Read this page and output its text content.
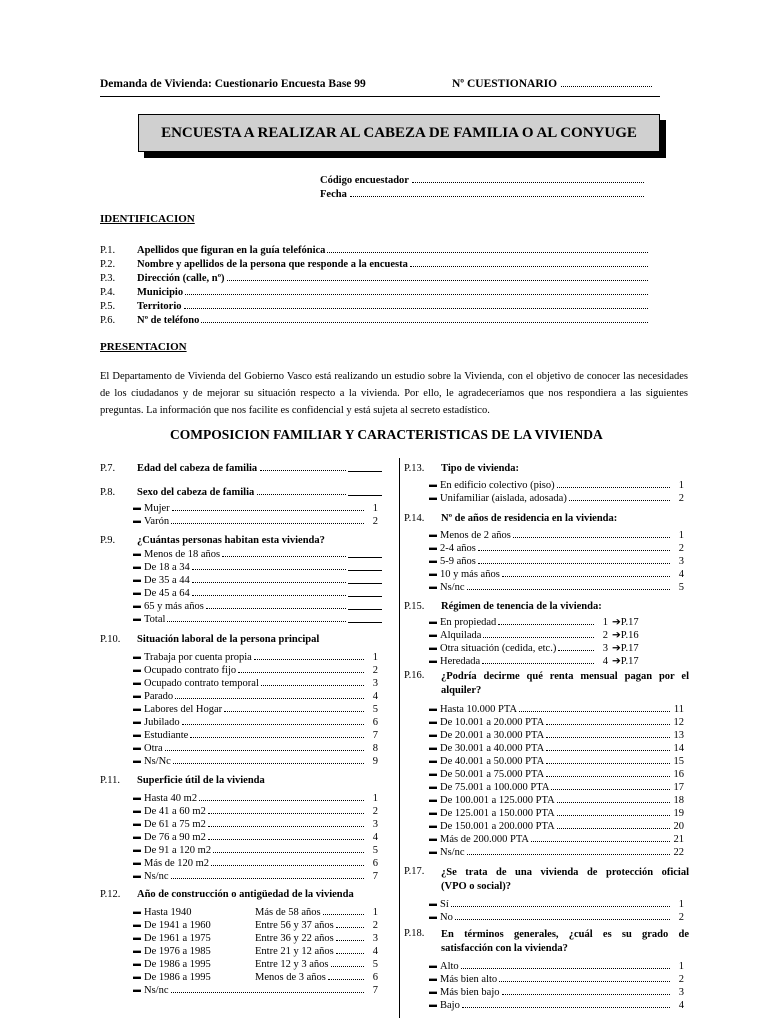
Demanda de Vivienda: Cuestionario Encuesta Base 99	Nº CUESTIONARIO
ENCUESTA A REALIZAR AL CABEZA DE FAMILIA O AL CONYUGE
Código encuestador
Fecha
IDENTIFICACION
PRESENTACION
El Departamento de Vivienda del Gobierno Vasco está realizando un estudio sobre la Vivienda, con el objetivo de conocer las necesidades de los ciudadanos y de mejorar su situación respecto a la vivienda. Por ello, le agradeceríamos que nos respondiera a las siguientes preguntas. La información que nos facilite es confidencial y está sujeta al secreto estadístico.
COMPOSICION FAMILIAR Y CARACTERISTICAS DE LA VIVIENDA
P.1.	Apellidos que figuran en la guía telefónica
P.2.	Nombre y apellidos de la persona que responde a la encuesta
P.3.	Dirección (calle, nº)
P.4.	Municipio
P.5.	Territorio
P.6.	Nº de teléfono
P.7.	Edad del cabeza de familia
P.8.	Sexo del cabeza de familia
▬ Mujer	1
▬ Varón	2
P.9.	¿Cuántas personas habitan esta vivienda?
▬ Menos de 18 años
▬ De 18 a 34
▬ De 35 a 44
▬ De 45 a 64
▬ 65 y más años
▬ Total
P.10.	Situación laboral de la persona principal
▬ Trabaja por cuenta propia	1
▬ Ocupado contrato fijo	2
▬ Ocupado contrato temporal	3
▬ Parado	4
▬ Labores del Hogar	5
▬ Jubilado	6
▬ Estudiante	7
▬ Otra	8
▬ Ns/Nc	9
P.11.	Superficie útil de la vivienda
▬ Hasta 40 m2	1
▬ De 41 a 60 m2	2
▬ De 61 a 75 m2	3
▬ De 76 a 90 m2	4
▬ De 91 a 120 m2	5
▬ Más de 120 m2	6
▬ Ns/nc	7
P.12.	Año de construcción o antigüedad de la vivienda
▬ Hasta 1940	Más de 58 años	1
▬ De 1941 a 1960	Entre 56 y 37 años	2
▬ De 1961 a 1975	Entre 36 y 22 años	3
▬ De 1976 a 1985	Entre 21 y 12 años	4
▬ De 1986 a 1995	Entre 12 y 3 años	5
▬ De 1986 a 1995	Menos de 3 años	6
▬ Ns/nc	7
P.13.	Tipo de vivienda:
▬ En edificio colectivo (piso)	1
▬ Unifamiliar (aislada, adosada)	2
P.14.	Nº de años de residencia en la vivienda:
▬ Menos de 2 años	1
▬ 2-4 años	2
▬ 5-9 años	3
▬ 10 y más años	4
▬ Ns/nc	5
P.15.	Régimen de tenencia de la vivienda:
▬ En propiedad	1 ➔P.17
▬ Alquilada	2 ➔P.16
▬ Otra situación (cedida, etc.)	3 ➔P.17
▬ Heredada	4 ➔P.17
P.16. ¿Podría decirme qué renta mensual pagan por el
alquiler?
▬ Hasta 10.000 PTA	11
▬ De 10.001 a 20.000 PTA	12
▬ De 20.001 a 30.000 PTA	13
▬ De 30.001 a 40.000 PTA	14
▬ De 40.001 a 50.000 PTA	15
▬ De 50.001 a 75.000 PTA	16
▬ De 75.001 a 100.000 PTA	17
▬ De 100.001 a 125.000 PTA	18
▬ De 125.001 a 150.000 PTA	19
▬ De 150.001 a 200.000 PTA	20
▬ Más de 200.000 PTA	21
▬ Ns/nc	22
P.17. ¿Se trata de una vivienda de protección oficial
(VPO o social)?
▬ Sí	1
▬ No	2
P.18. En términos generales, ¿cuál es su grado de
satisfacción con la vivienda?
▬ Alto	1
▬ Más bien alto	2
▬ Más bien bajo	3
▬ Bajo	4
